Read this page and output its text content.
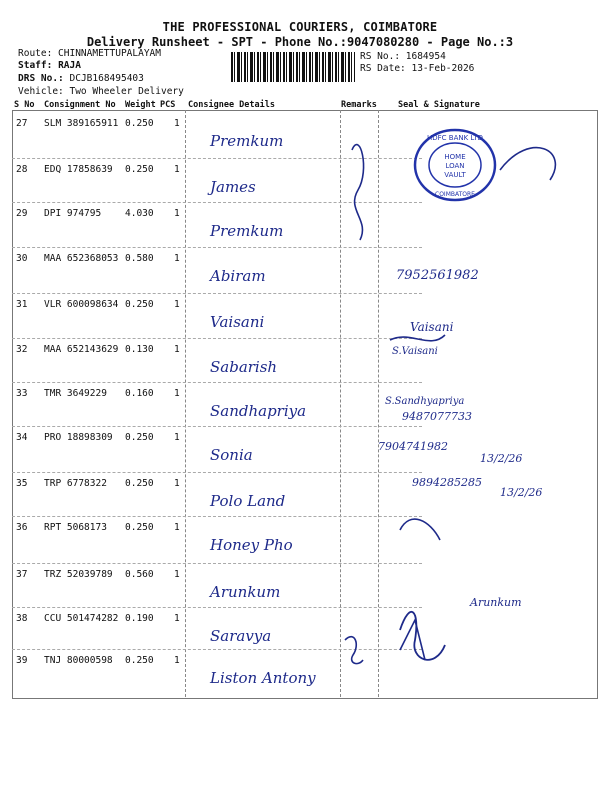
THE PROFESSIONAL COURIERS, COIMBATORE
Delivery Runsheet - SPT - Phone No.:9047080280 - Page No.:3
Route: CHINNAMETTUPALAYAM
Staff: RAJA
DRS No.: DCJB168495403
Vehicle: Two Wheeler Delivery
RS No.: 1684954
RS Date: 13-Feb-2026
S No Consignment No Weight PCS Consignee Details	Remarks Seal & Signature
27 SLM 389165911 0.250 1
Premkum
28 EDQ 17858639 0.250 1
James
29 DPI 974795	4.030 1
Premkum
30 MAA 652368053 0.580 1
Abiram
31 VLR 600098634 0.250 1
Vaisani
32 MAA 652143629 0.130 1
Sabarish
33 TMR 3649229 0.160 1
Sandhapriya
34 PRO 18898309 0.250 1
Sonia
35 TRP 6778322 0.250 1
Polo Land
36 RPT 5068173 0.250 1
Honey Pho
37 TRZ 52039789 0.560 1
Arunkum
38 CCU 501474282 0.190 1
Saravya
39 TNJ 80000598 0.250 1
Liston Antony
HDFC BANK LTD
HOME
LOAN
VAULT
COIMBATORE
7952561982
Vaisani
S.Vaisani
S.Sandhyapriya
9487077733
7904741982
13/2/26
9894285285
13/2/26
Arunkum
